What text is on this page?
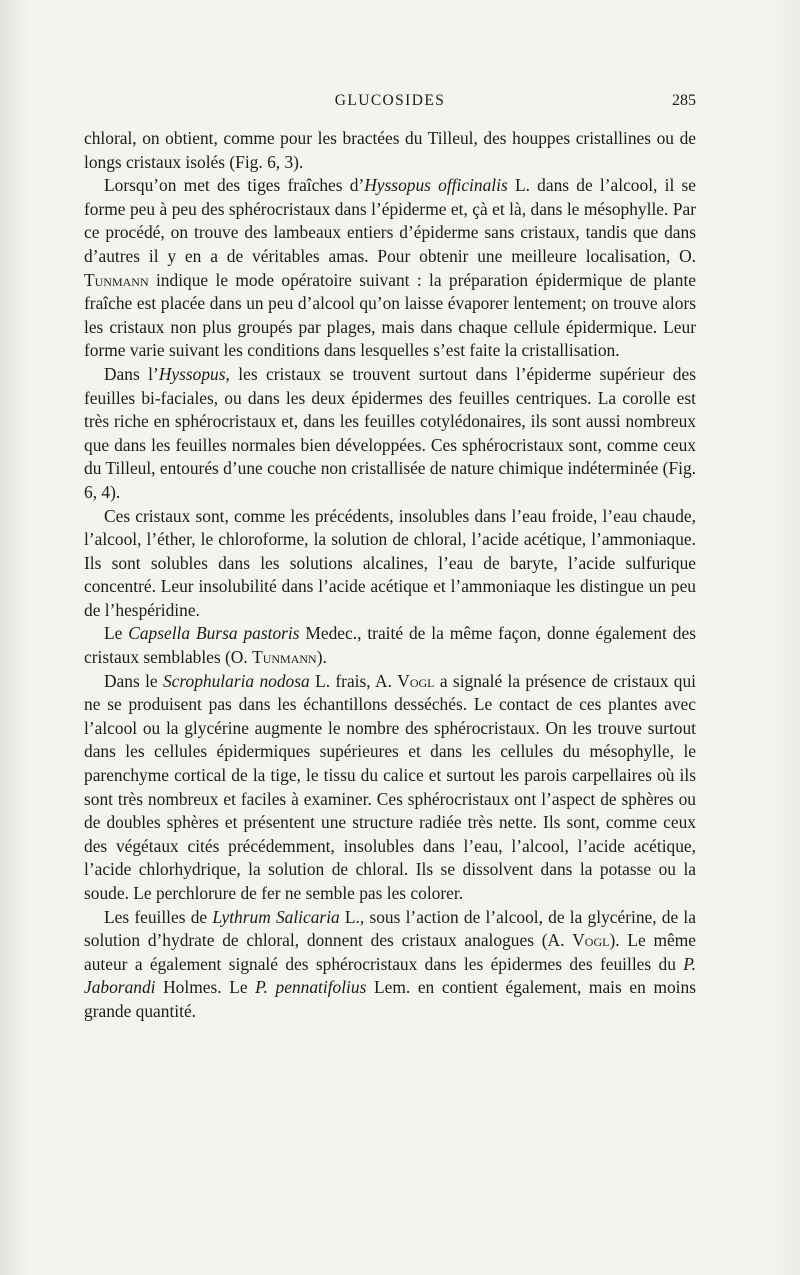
GLUCOSIDES	285

chloral, on obtient, comme pour les bractées du Tilleul, des houppes cristallines ou de longs cristaux isolés (Fig. 6, 3).

Lorsqu’on met des tiges fraîches d’Hyssopus officinalis L. dans de l’alcool, il se forme peu à peu des sphérocristaux dans l’épiderme et, çà et là, dans le mésophylle. Par ce procédé, on trouve des lambeaux entiers d’épiderme sans cristaux, tandis que dans d’autres il y en a de véritables amas. Pour obtenir une meilleure localisation, O. Tunmann indique le mode opératoire suivant : la préparation épidermique de plante fraîche est placée dans un peu d’alcool qu’on laisse évaporer lentement; on trouve alors les cristaux non plus groupés par plages, mais dans chaque cellule épidermique. Leur forme varie suivant les conditions dans lesquelles s’est faite la cristallisation.

Dans l’Hyssopus, les cristaux se trouvent surtout dans l’épiderme supérieur des feuilles bi-faciales, ou dans les deux épidermes des feuilles centriques. La corolle est très riche en sphérocristaux et, dans les feuilles cotylédonaires, ils sont aussi nombreux que dans les feuilles normales bien développées. Ces sphérocristaux sont, comme ceux du Tilleul, entourés d’une couche non cristallisée de nature chimique indéterminée (Fig. 6, 4).

Ces cristaux sont, comme les précédents, insolubles dans l’eau froide, l’eau chaude, l’alcool, l’éther, le chloroforme, la solution de chloral, l’acide acétique, l’ammoniaque. Ils sont solubles dans les solutions alcalines, l’eau de baryte, l’acide sulfurique concentré. Leur insolubilité dans l’acide acétique et l’ammoniaque les distingue un peu de l’hespéridine.

Le Capsella Bursa pastoris Medec., traité de la même façon, donne également des cristaux semblables (O. Tunmann).

Dans le Scrophularia nodosa L. frais, A. Vogl a signalé la présence de cristaux qui ne se produisent pas dans les échantillons desséchés. Le contact de ces plantes avec l’alcool ou la glycérine augmente le nombre des sphérocristaux. On les trouve surtout dans les cellules épidermiques supérieures et dans les cellules du mésophylle, le parenchyme cortical de la tige, le tissu du calice et surtout les parois carpellaires où ils sont très nombreux et faciles à examiner. Ces sphérocristaux ont l’aspect de sphères ou de doubles sphères et présentent une structure radiée très nette. Ils sont, comme ceux des végétaux cités précédemment, insolubles dans l’eau, l’alcool, l’acide acétique, l’acide chlorhydrique, la solution de chloral. Ils se dissolvent dans la potasse ou la soude. Le perchlorure de fer ne semble pas les colorer.

Les feuilles de Lythrum Salicaria L., sous l’action de l’alcool, de la glycérine, de la solution d’hydrate de chloral, donnent des cristaux analogues (A. Vogl). Le même auteur a également signalé des sphérocristaux dans les épidermes des feuilles du P. Jaborandi Holmes. Le P. pennatifolius Lem. en contient également, mais en moins grande quantité.
